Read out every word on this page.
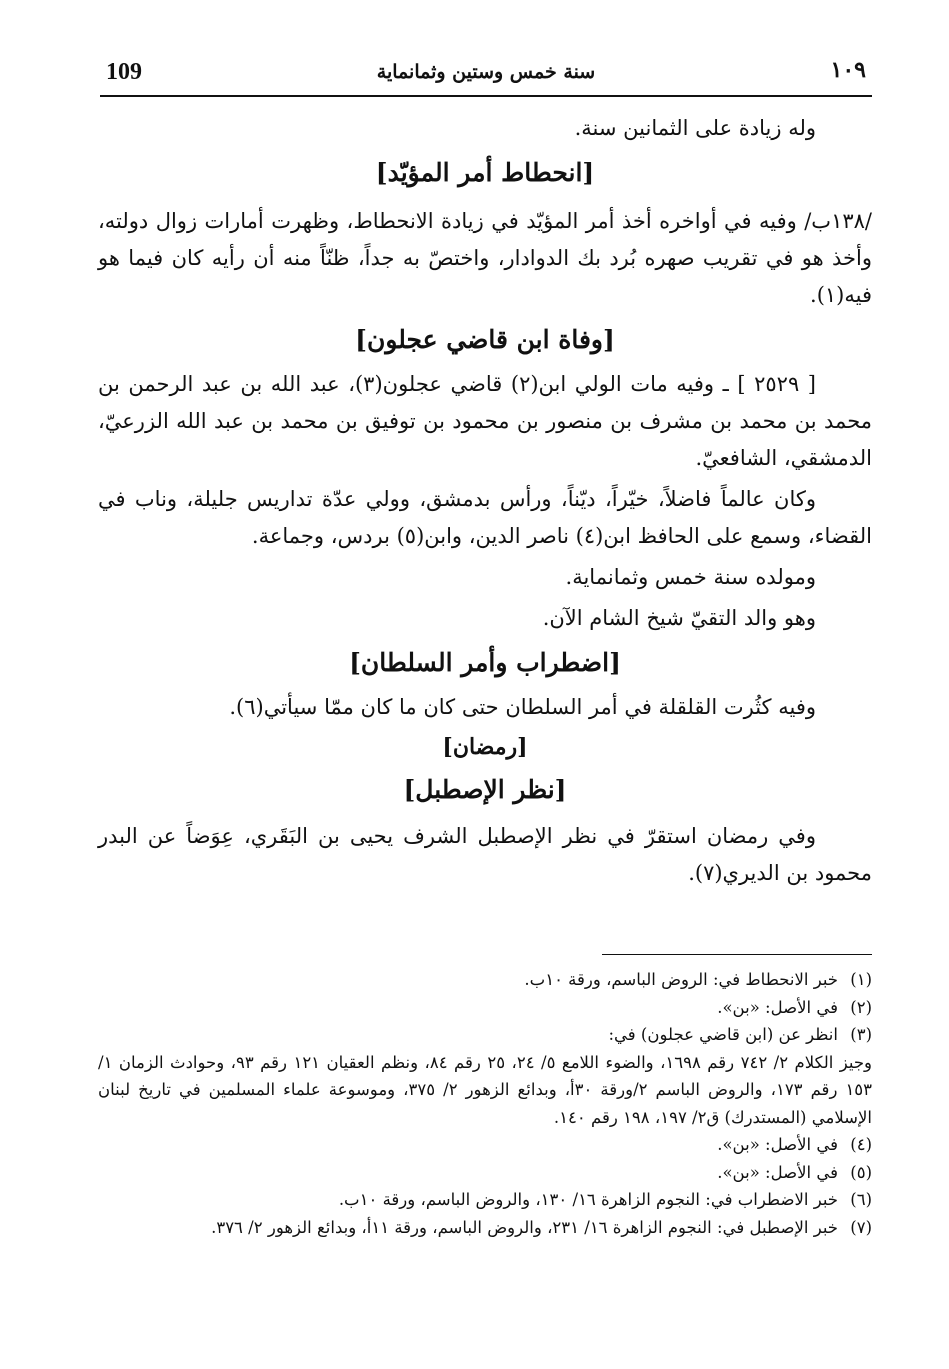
109	سنة خمس وستين وثمانماية	١٠٩

وله زيادة على الثمانين سنة.

[انحطاط أمر المؤيّد]

/١٣٨ب/ وفيه في أواخره أخذ أمر المؤيّد في زيادة الانحطاط، وظهرت أمارات زوال دولته، وأخذ هو في تقريب صهره بُرد بك الدوادار، واختصّ به جداً، ظنّاً منه أن رأيه كان فيما هو فيه(١).

[وفاة ابن قاضي عجلون]

[ ٢٥٢٩ ] ـ وفيه مات الولي ابن(٢) قاضي عجلون(٣)، عبد الله بن عبد الرحمن بن محمد بن محمد بن مشرف بن منصور بن محمود بن توفيق بن محمد بن عبد الله الزرعيّ، الدمشقي، الشافعيّ.

وكان عالماً فاضلاً، خيّراً، ديّناً، ورأس بدمشق، وولي عدّة تداريس جليلة، وناب في القضاء، وسمع على الحافظ ابن(٤) ناصر الدين، وابن(٥) بردس، وجماعة.

ومولده سنة خمس وثمانماية.

وهو والد التقيّ شيخ الشام الآن.

[اضطراب وأمر السلطان]

وفيه كثُرت القلقلة في أمر السلطان حتى كان ما كان ممّا سيأتي(٦).

[رمضان]
[نظر الإصطبل]

وفي رمضان استقرّ في نظر الإصطبل الشرف يحيى بن البَقَري، عِوَضاً عن البدر محمود بن الديري(٧).

(١)خبر الانحطاط في: الروض الباسم، ورقة ١٠ب.

(٢)في الأصل: «بن».

(٣)انظر عن (ابن قاضي عجلون) في:

وجيز الكلام ٢/ ٧٤٢ رقم ١٦٩٨، والضوء اللامع ٥/ ٢٤، ٢٥ رقم ٨٤، ونظم العقيان ١٢١ رقم ٩٣، وحوادث الزمان ١/ ١٥٣ رقم ١٧٣، والروض الباسم ٢/ورقة ٣٠أ، وبدائع الزهور ٢/ ٣٧٥، وموسوعة علماء المسلمين في تاريخ لبنان الإسلامي (المستدرك) ق٢/ ١٩٧، ١٩٨ رقم ١٤٠.

(٤)في الأصل: «بن».

(٥)في الأصل: «بن».

(٦)خبر الاضطراب في: النجوم الزاهرة ١٦/ ١٣٠، والروض الباسم، ورقة ١٠ب.

(٧)خبر الإصطبل في: النجوم الزاهرة ١٦/ ٢٣١، والروض الباسم، ورقة ١١أ، وبدائع الزهور ٢/ ٣٧٦.
